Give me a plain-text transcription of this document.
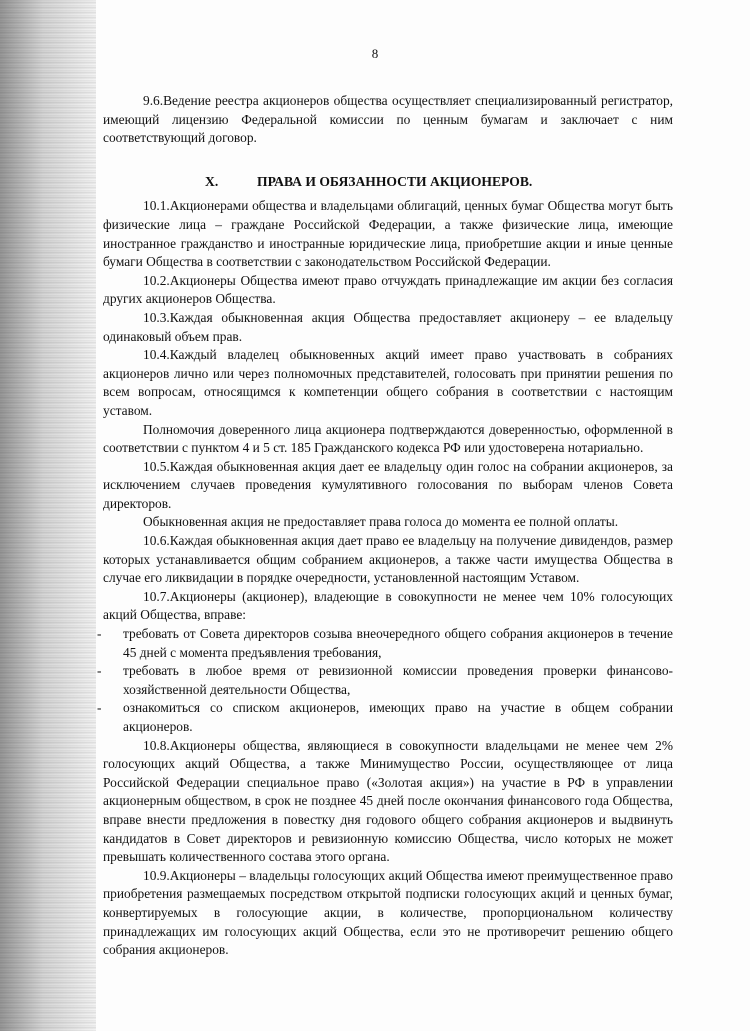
8

9.6.Ведение реестра акционеров общества осуществляет специализированный регистратор, имеющий лицензию Федеральной комиссии по ценным бумагам и заключает с ним соответствующий договор.

X.	ПРАВА И ОБЯЗАННОСТИ АКЦИОНЕРОВ.

10.1.Акционерами общества и владельцами облигаций, ценных бумаг Общества могут быть физические лица – граждане Российской Федерации, а также физические лица, имеющие иностранное гражданство и иностранные юридические лица, приобретшие акции и иные ценные бумаги Общества в соответствии с законодательством Российской Федерации.

10.2.Акционеры Общества имеют право отчуждать принадлежащие им акции без согласия других акционеров Общества.

10.3.Каждая обыкновенная акция Общества предоставляет акционеру – ее владельцу одинаковый объем прав.

10.4.Каждый владелец обыкновенных акций имеет право участвовать в собраниях акционеров лично или через полномочных представителей, голосовать при принятии решения по всем вопросам, относящимся к компетенции общего собрания в соответствии с настоящим уставом.

Полномочия доверенного лица акционера подтверждаются доверенностью, оформленной в соответствии с пунктом 4 и 5 ст. 185 Гражданского кодекса РФ или удостоверена нотариально.

10.5.Каждая обыкновенная акция дает ее владельцу один голос на собрании акционеров, за исключением случаев проведения кумулятивного голосования по выборам членов Совета директоров.

Обыкновенная акция не предоставляет права голоса до момента ее полной оплаты.

10.6.Каждая обыкновенная акция дает право ее владельцу на получение дивидендов, размер которых устанавливается общим собранием акционеров, а также части имущества Общества в случае его ликвидации в порядке очередности, установленной настоящим Уставом.

10.7.Акционеры (акционер), владеющие в совокупности не менее чем 10% голосующих акций Общества, вправе:

- требовать от Совета директоров созыва внеочередного общего собрания акционеров в течение 45 дней с момента предъявления требования,
- требовать в любое время от ревизионной комиссии проведения проверки финансово-хозяйственной деятельности Общества,
- ознакомиться со списком акционеров, имеющих право на участие в общем собрании акционеров.

10.8.Акционеры общества, являющиеся в совокупности владельцами не менее чем 2% голосующих акций Общества, а также Минимущество России, осуществляющее от лица Российской Федерации специальное право («Золотая акция») на участие в РФ в управлении акционерным обществом, в срок не позднее 45 дней после окончания финансового года Общества, вправе внести предложения в повестку дня годового общего собрания акционеров и выдвинуть кандидатов в Совет директоров и ревизионную комиссию Общества, число которых не может превышать количественного состава этого органа.

10.9.Акционеры – владельцы голосующих акций Общества имеют преимущественное право приобретения размещаемых посредством открытой подписки голосующих акций и ценных бумаг, конвертируемых в голосующие акции, в количестве, пропорциональном количеству принадлежащих им голосующих акций Общества, если это не противоречит решению общего собрания акционеров.
